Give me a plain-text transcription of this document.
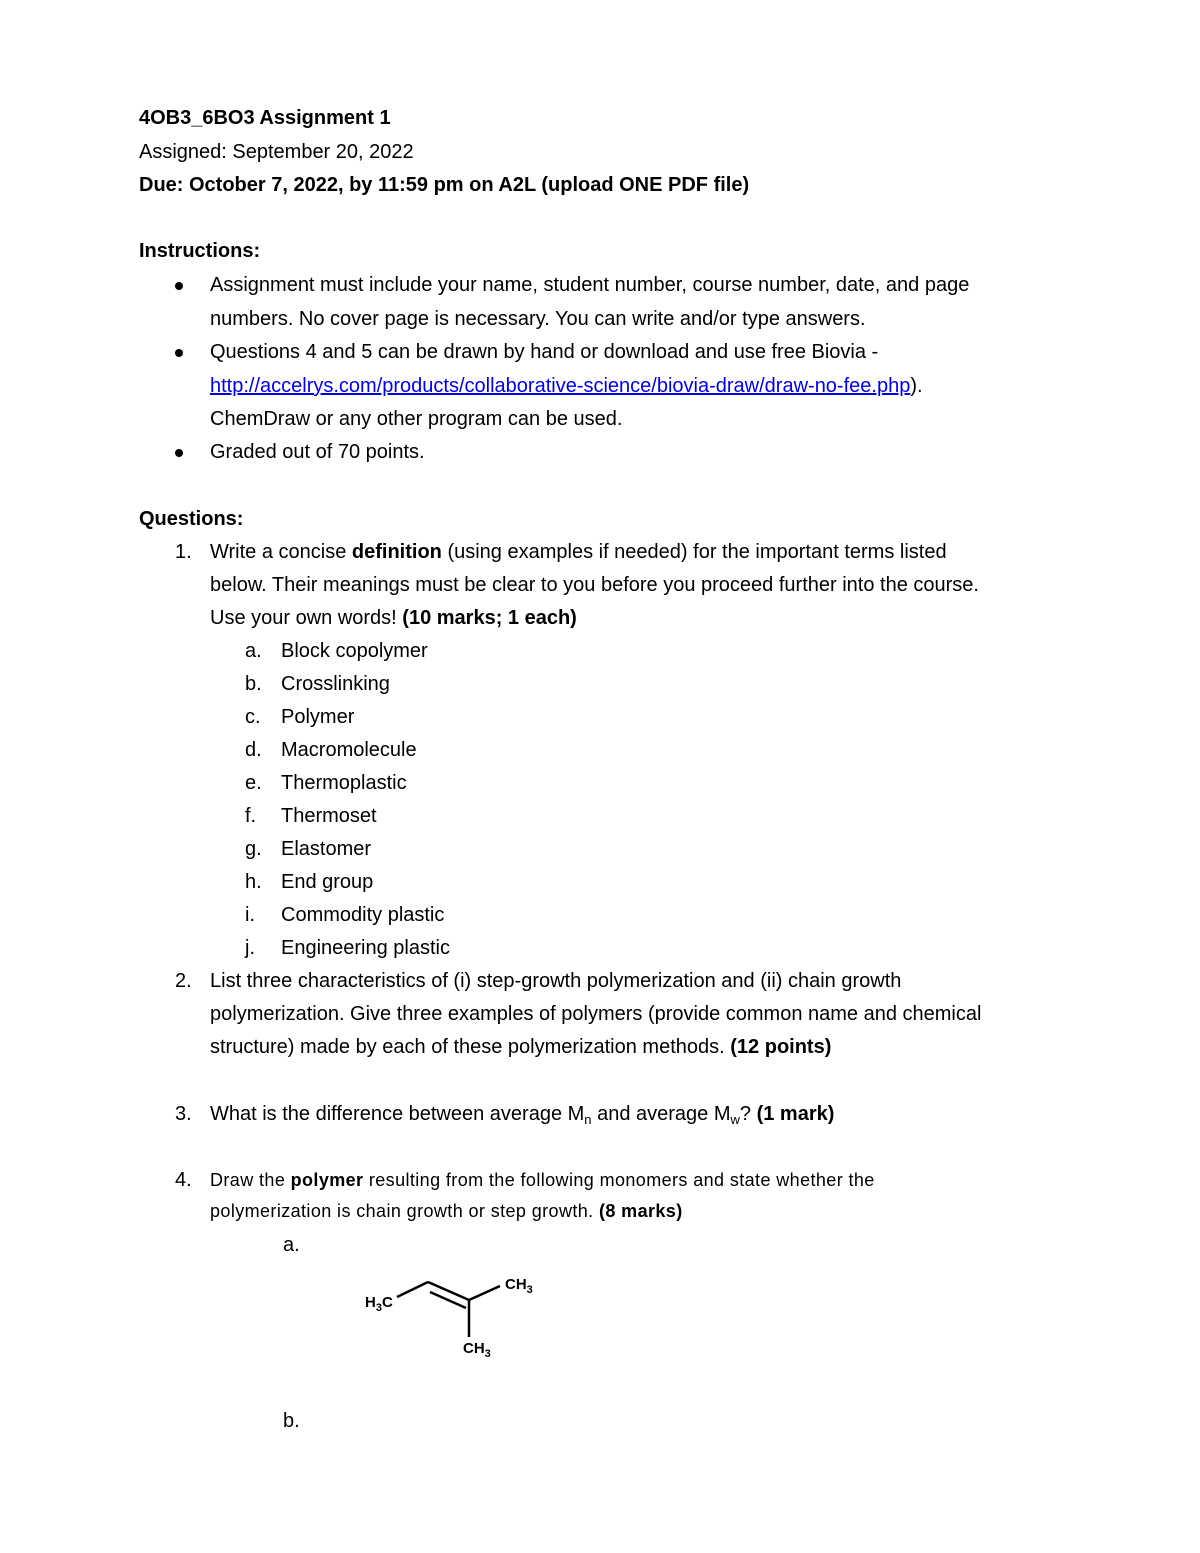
4OB3_6BO3 Assignment 1
Assigned: September 20, 2022
Due: October 7, 2022, by 11:59 pm on A2L (upload ONE PDF file)
Instructions:
Assignment must include your name, student number, course number, date, and page
numbers. No cover page is necessary. You can write and/or type answers.
Questions 4 and 5 can be drawn by hand or download and use free Biovia -
http://accelrys.com/products/collaborative-science/biovia-draw/draw-no-fee.php).
ChemDraw or any other program can be used.
Graded out of 70 points.
Questions:
1. Write a concise definition (using examples if needed) for the important terms listed
below. Their meanings must be clear to you before you proceed further into the course.
Use your own words! (10 marks; 1 each)
a. Block copolymer
b. Crosslinking
c. Polymer
d. Macromolecule
e. Thermoplastic
f. Thermoset
g. Elastomer
h. End group
i. Commodity plastic
j. Engineering plastic
2. List three characteristics of (i) step-growth polymerization and (ii) chain growth
polymerization. Give three examples of polymers (provide common name and chemical
structure) made by each of these polymerization methods. (12 points)
3. What is the difference between average $M_n$ and average $M_w$? (1 mark)
4. Draw the polymer resulting from the following monomers and state whether the
polymerization is chain growth or step growth. (8 marks)
a.
$H_3C$
$CH_3$
$CH_3$
b.
